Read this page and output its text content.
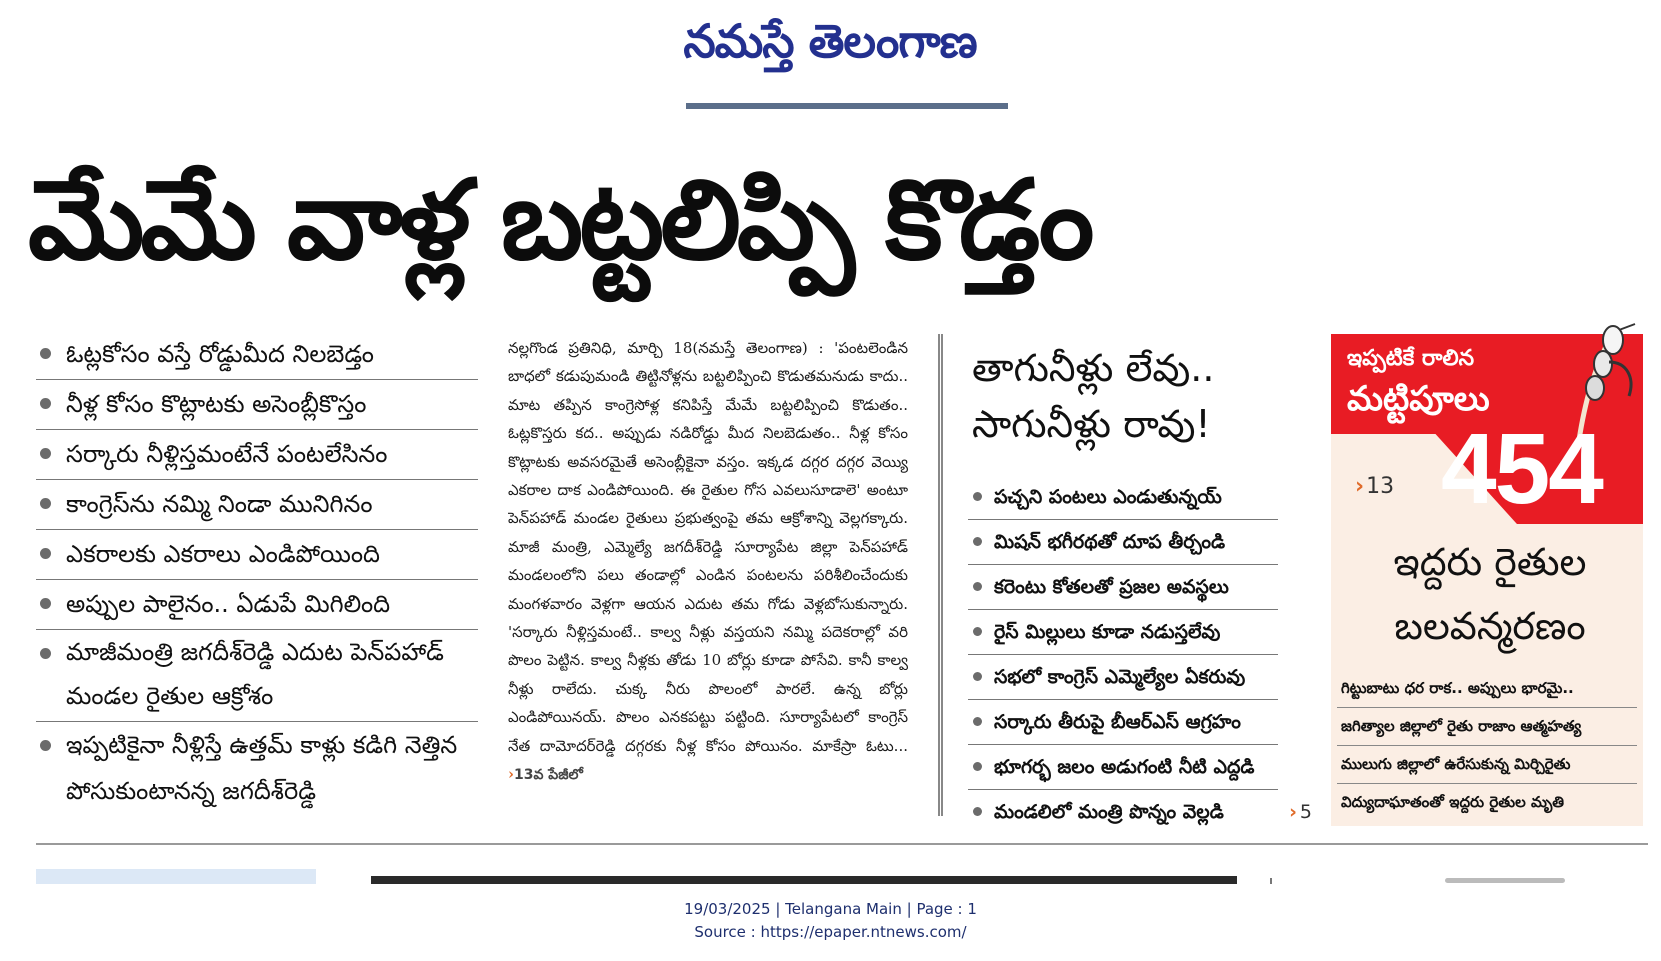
నమస్తే తెలంగాణ
మేమే వాళ్ల బట్టలిప్పి కొడ్తం
ఓట్లకోసం వస్తే రోడ్డుమీద నిలబెడ్తం
నీళ్ల కోసం కొట్లాటకు అసెంబ్లీకొస్తం
సర్కారు నీళ్లిస్తమంటేనే పంటలేసినం
కాంగ్రెస్‌ను నమ్మి నిండా మునిగినం
ఎకరాలకు ఎకరాలు ఎండిపోయింది
అప్పుల పాలైనం.. ఏడుపే మిగిలింది
మాజీమంత్రి జగదీశ్‌రెడ్డి ఎదుట పెన్‌పహాడ్ మండల రైతుల ఆక్రోశం
ఇప్పటికైనా నీళ్లిస్తే ఉత్తమ్ కాళ్లు కడిగి నెత్తిన పోసుకుంటానన్న జగదీశ్‌రెడ్డి
నల్లగొండ ప్రతినిధి, మార్చి 18(నమస్తే తెలంగాణ) : 'పంటలెండిన బాధలో కడుపుమండి తిట్టినోళ్లను బట్టలిప్పించి కొడుతమనుడు కాదు.. మాట తప్పిన కాంగ్రెసోళ్ల కనిపిస్తే మేమే బట్టలిప్పించి కొడుతం.. ఓట్లకొస్తరు కద.. అప్పుడు నడిరోడ్డు మీద నిలబెడుతం.. నీళ్ల కోసం కొట్లాటకు అవసరమైతే అసెంబ్లీకైనా వస్తం. ఇక్కడ దగ్గర దగ్గర వెయ్యి ఎకరాల దాక ఎండిపోయింది. ఈ రైతుల గోస ఎవలుసూడాలె' అంటూ పెన్‌పహాడ్ మండల రైతులు ప్రభుత్వంపై తమ ఆక్రోశాన్ని వెల్లగక్కారు. మాజీ మంత్రి, ఎమ్మెల్యే జగదీశ్‌రెడ్డి సూర్యాపేట జిల్లా పెన్‌పహాడ్ మండలంలోని పలు తండాల్లో ఎండిన పంటలను పరిశీలించేందుకు మంగళవారం వెళ్లగా ఆయన ఎదుట తమ గోడు వెళ్లబోసుకున్నారు. 'సర్కారు నీళ్లిస్తమంటే.. కాల్వ నీళ్లు వస్తయని నమ్మి పదెకరాల్లో వరి పొలం పెట్టిన. కాల్వ నీళ్లకు తోడు 10 బోర్లు కూడా పోసేవి. కానీ కాల్వ నీళ్లు రాలేదు. చుక్క నీరు పొలంలో పారలే. ఉన్న బోర్లు ఎండిపోయినయ్. పొలం ఎనకపట్టు పట్టింది. సూర్యాపేటలో కాంగ్రెస్ నేత దామోదర్‌రెడ్డి దగ్గరకు నీళ్ల కోసం పోయినం. మాకేస్రా ఓటు... ›13వ పేజీలో
తాగునీళ్లు లేవు..
సాగునీళ్లు రావు!
పచ్చని పంటలు ఎండుతున్నయ్
మిషన్ భగీరథతో దూప తీర్చండి
కరెంటు కోతలతో ప్రజల అవస్థలు
రైస్ మిల్లులు కూడా నడుస్తలేవు
సభలో కాంగ్రెస్ ఎమ్మెల్యేల ఏకరువు
సర్కారు తీరుపై బీఆర్‌ఎస్ ఆగ్రహం
భూగర్భ జలం అడుగంటి నీటి ఎద్దడి
మండలిలో మంత్రి పొన్నం వెల్లడి	› 5
ఇప్పటికే రాలిన
మట్టిపూలు
›13 454
ఇద్దరు రైతుల బలవన్మరణం
గిట్టుబాటు ధర రాక.. అప్పులు భారమై..
జగిత్యాల జిల్లాలో రైతు రాజాం ఆత్మహత్య
ములుగు జిల్లాలో ఉరేసుకున్న మిర్చిరైతు
విద్యుదాఘాతంతో ఇద్దరు రైతుల మృతి
19/03/2025 | Telangana Main | Page : 1
Source : https://epaper.ntnews.com/
